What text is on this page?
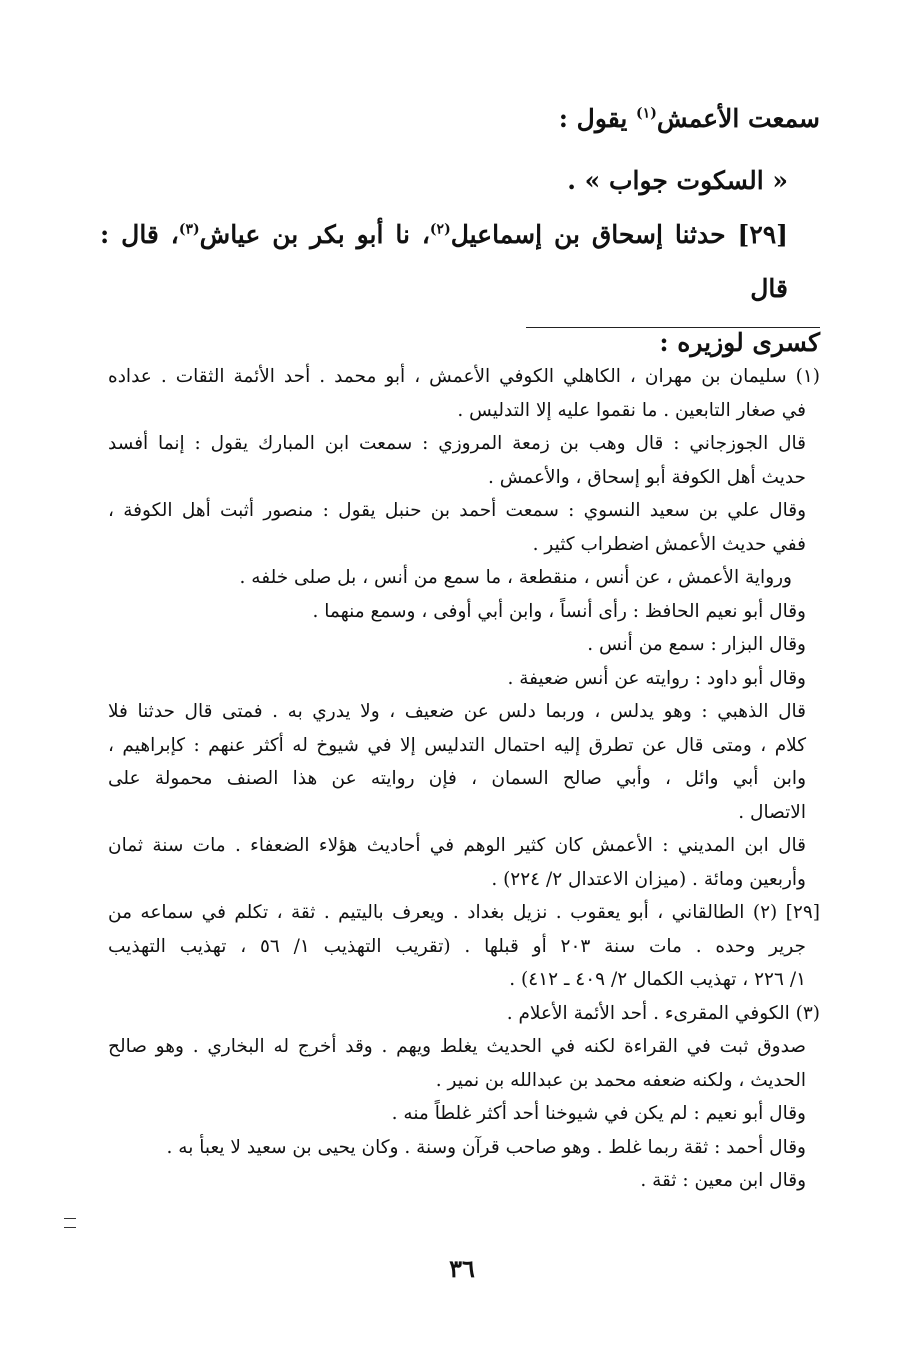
سمعت الأعمش$^{(١)}$ يقول :
« السكوت جواب » .
[٢٩] حدثنا إسحاق بن إسماعيل$^{(٢)}$، نا أبو بكر بن عياش$^{(٣)}$، قال : قال
كسرى لوزيره :
(١) سليمان بن مهران ، الكاهلي الكوفي الأعمش ، أبو محمد . أحد الأئمة الثقات . عداده
في صغار التابعين . ما نقموا عليه إلا التدليس .
قال الجوزجاني : قال وهب بن زمعة المروزي : سمعت ابن المبارك يقول : إنما أفسد
حديث أهل الكوفة أبو إسحاق ، والأعمش .
وقال علي بن سعيد النسوي : سمعت أحمد بن حنبل يقول : منصور أثبت أهل الكوفة ،
ففي حديث الأعمش اضطراب كثير .
ورواية الأعمش ، عن أنس ، منقطعة ، ما سمع من أنس ، بل صلى خلفه .
وقال أبو نعيم الحافظ : رأى أنساً ، وابن أبي أوفى ، وسمع منهما .
وقال البزار : سمع من أنس .
وقال أبو داود : روايته عن أنس ضعيفة .
قال الذهبي : وهو يدلس ، وربما دلس عن ضعيف ، ولا يدري به . فمتى قال حدثنا فلا
كلام ، ومتى قال عن تطرق إليه احتمال التدليس إلا في شيوخ له أكثر عنهم : كإبراهيم ،
وابن أبي وائل ، وأبي صالح السمان ، فإن روايته عن هذا الصنف محمولة على
الاتصال .
قال ابن المديني : الأعمش كان كثير الوهم في أحاديث هؤلاء الضعفاء . مات سنة ثمان
وأربعين ومائة . (ميزان الاعتدال ٢/ ٢٢٤) .
[٢٩] (٢) الطالقاني ، أبو يعقوب . نزيل بغداد . ويعرف باليتيم . ثقة ، تكلم في سماعه من
جرير وحده . مات سنة ٢٠٣ أو قبلها . (تقريب التهذيب ١/ ٥٦ ، تهذيب التهذيب
١/ ٢٢٦ ، تهذيب الكمال ٢/ ٤٠٩ ـ ٤١٢) .
(٣) الكوفي المقرىء . أحد الأئمة الأعلام .
صدوق ثبت في القراءة لكنه في الحديث يغلط ويهم . وقد أخرج له البخاري . وهو صالح
الحديث ، ولكنه ضعفه محمد بن عبدالله بن نمير .
وقال أبو نعيم : لم يكن في شيوخنا أحد أكثر غلطاً منه .
وقال أحمد : ثقة ربما غلط . وهو صاحب قرآن وسنة . وكان يحيى بن سعيد لا يعبأ به .
وقال ابن معين : ثقة .
٣٦
